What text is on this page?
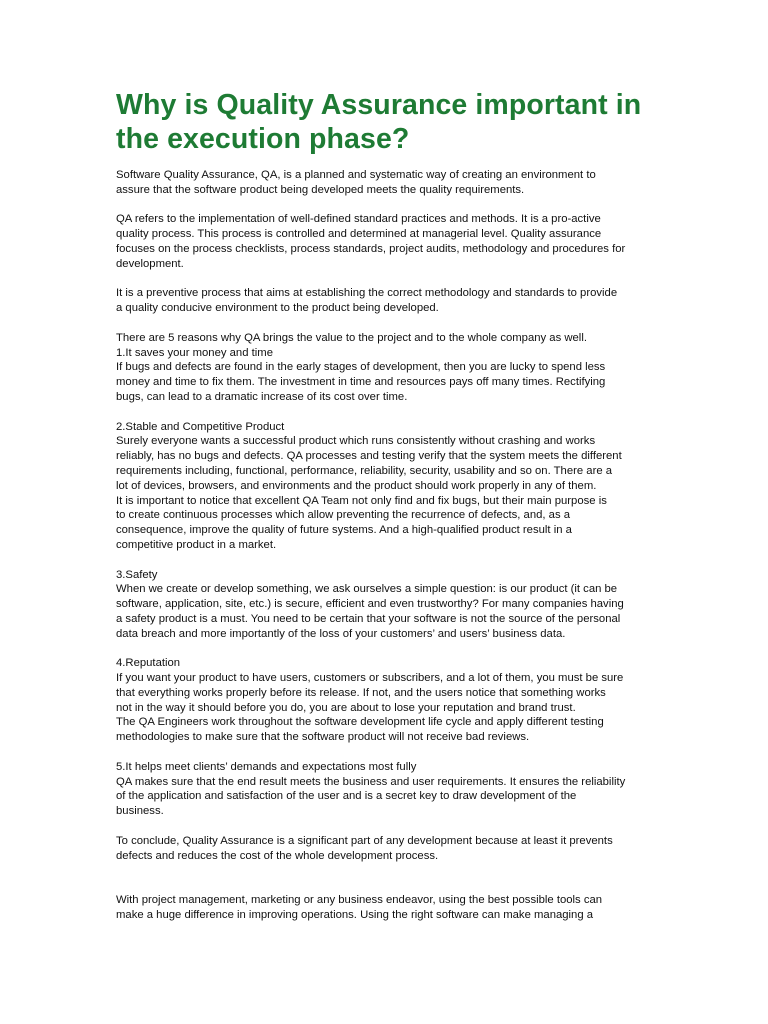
Why is Quality Assurance important in the execution phase?

Software Quality Assurance, QA, is a planned and systematic way of creating an environment to
assure that the software product being developed meets the quality requirements.

QA refers to the implementation of well-defined standard practices and methods. It is a pro-active
quality process. This process is controlled and determined at managerial level. Quality assurance
focuses on the process checklists, process standards, project audits, methodology and procedures for
development.

It is a preventive process that aims at establishing the correct methodology and standards to provide
a quality conducive environment to the product being developed.

There are 5 reasons why QA brings the value to the project and to the whole company as well.
1.It saves your money and time
If bugs and defects are found in the early stages of development, then you are lucky to spend less
money and time to fix them. The investment in time and resources pays off many times. Rectifying
bugs, can lead to a dramatic increase of its cost over time.

2.Stable and Competitive Product
Surely everyone wants a successful product which runs consistently without crashing and works
reliably, has no bugs and defects. QA processes and testing verify that the system meets the different
requirements including, functional, performance, reliability, security, usability and so on. There are a
lot of devices, browsers, and environments and the product should work properly in any of them.
It is important to notice that excellent QA Team not only find and fix bugs, but their main purpose is
to create continuous processes which allow preventing the recurrence of defects, and, as a
consequence, improve the quality of future systems. And a high-qualified product result in a
competitive product in a market.

3.Safety
When we create or develop something, we ask ourselves a simple question: is our product (it can be
software, application, site, etc.) is secure, efficient and even trustworthy? For many companies having
a safety product is a must. You need to be certain that your software is not the source of the personal
data breach and more importantly of the loss of your customers’ and users’ business data.

4.Reputation
If you want your product to have users, customers or subscribers, and a lot of them, you must be sure
that everything works properly before its release. If not, and the users notice that something works
not in the way it should before you do, you are about to lose your reputation and brand trust.
The QA Engineers work throughout the software development life cycle and apply different testing
methodologies to make sure that the software product will not receive bad reviews.

5.It helps meet clients’ demands and expectations most fully
QA makes sure that the end result meets the business and user requirements. It ensures the reliability
of the application and satisfaction of the user and is a secret key to draw development of the
business.

To conclude, Quality Assurance is a significant part of any development because at least it prevents
defects and reduces the cost of the whole development process.

With project management, marketing or any business endeavor, using the best possible tools can
make a huge difference in improving operations. Using the right software can make managing a
